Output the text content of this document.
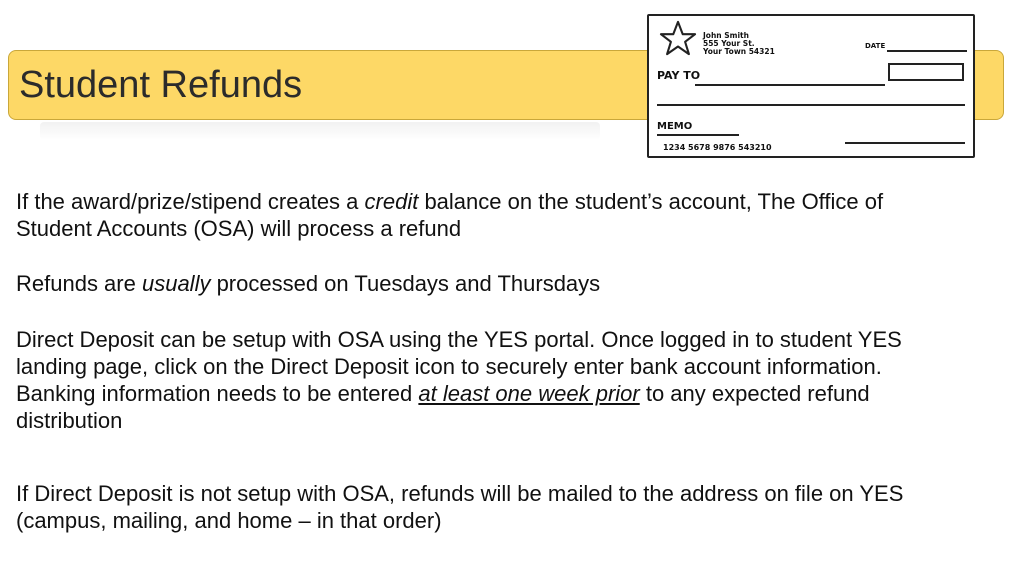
Student Refunds
John Smith
555 Your St.
Your Town 54321
DATE
PAY TO
MEMO
1234 5678 9876 543210

If the award/prize/stipend creates a credit balance on the student’s account, The Office of Student Accounts (OSA) will process a refund

Refunds are usually processed on Tuesdays and Thursdays

Direct Deposit can be setup with OSA using the YES portal. Once logged in to student YES landing page, click on the Direct Deposit icon to securely enter bank account information. Banking information needs to be entered at least one week prior to any expected refund distribution

If Direct Deposit is not setup with OSA, refunds will be mailed to the address on file on YES (campus, mailing, and home – in that order)
